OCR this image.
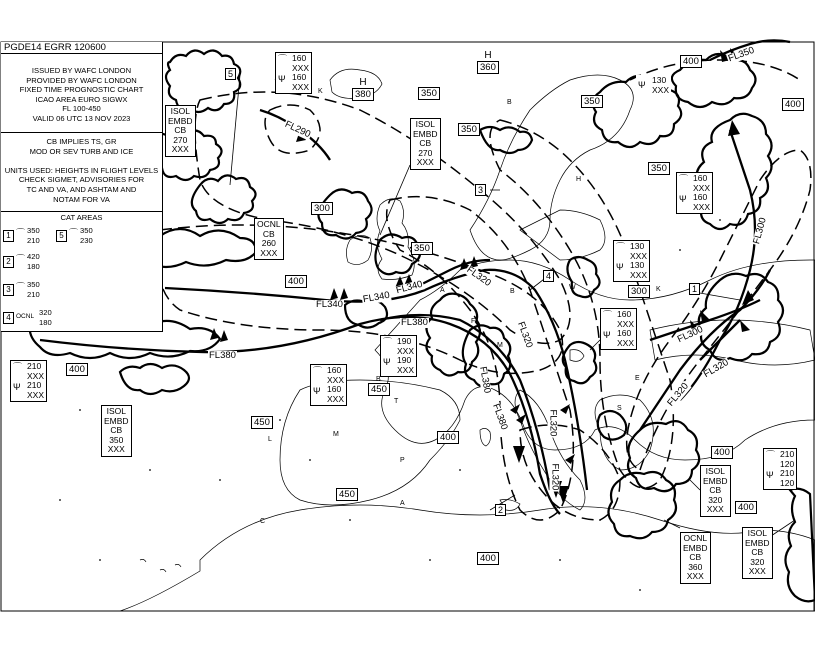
PGDE14 EGRR 120600
ISSUED BY WAFC LONDON
PROVIDED BY WAFC LONDON
FIXED TIME PROGNOSTIC CHART
ICAO AREA EURO SIGWX
FL 100-450
VALID 06 UTC 13 NOV 2023
CB IMPLIES TS, GR
MOD OR SEV TURB AND ICE

UNITS USED: HEIGHTS IN FLIGHT LEVELS
CHECK SIGMET, ADVISORIES FOR
TC AND VA, AND ASHTAM AND
NOTAM FOR VA
CAT AREAS
1 ⌒ 350
210
5 ⌒ 350
230
2 ⌒ 420
180
3 ⌒ 350
210
4 OCNL 320
180
ISOL
EMBD
CB
270
XXX
ISOL
EMBD
CB
270
XXX
OCNL
CB
260
XXX
ISOL
EMBD
CB
350
XXX
ISOL
EMBD
CB
320
XXX
OCNL
EMBD
CB
360
XXX
ISOL
EMBD
CB
320
XXX
⌒
Ψ
160
XXX
160
XXX	Ψ 130
XXX
⌒
Ψ
160
XXX
160
XXX
⌒
Ψ
130
XXX
130
XXX
⌒
Ψ
160
XXX
160
XXX
⌒
Ψ
190
XXX
190
XXX
⌒
Ψ
160
XXX
160
XXX
⌒
Ψ
210
XXX
210
XXX
⌒
Ψ
210
120
210
120
400
350
350
400
350
300
350
350
300
400
450
450
400
400
400
400
450
400
H
360
H
380
5
3
4
1
2
FL350
FL290
FL340 FL340
FL340	FL320
FL380
FL380
FL320
FL380
FL320
FL320
FL300
FL300
FL320
FL320
FL380
K
B
H
W	K
B
S
A
M
P
A
B
T
L
C
M
E
F
